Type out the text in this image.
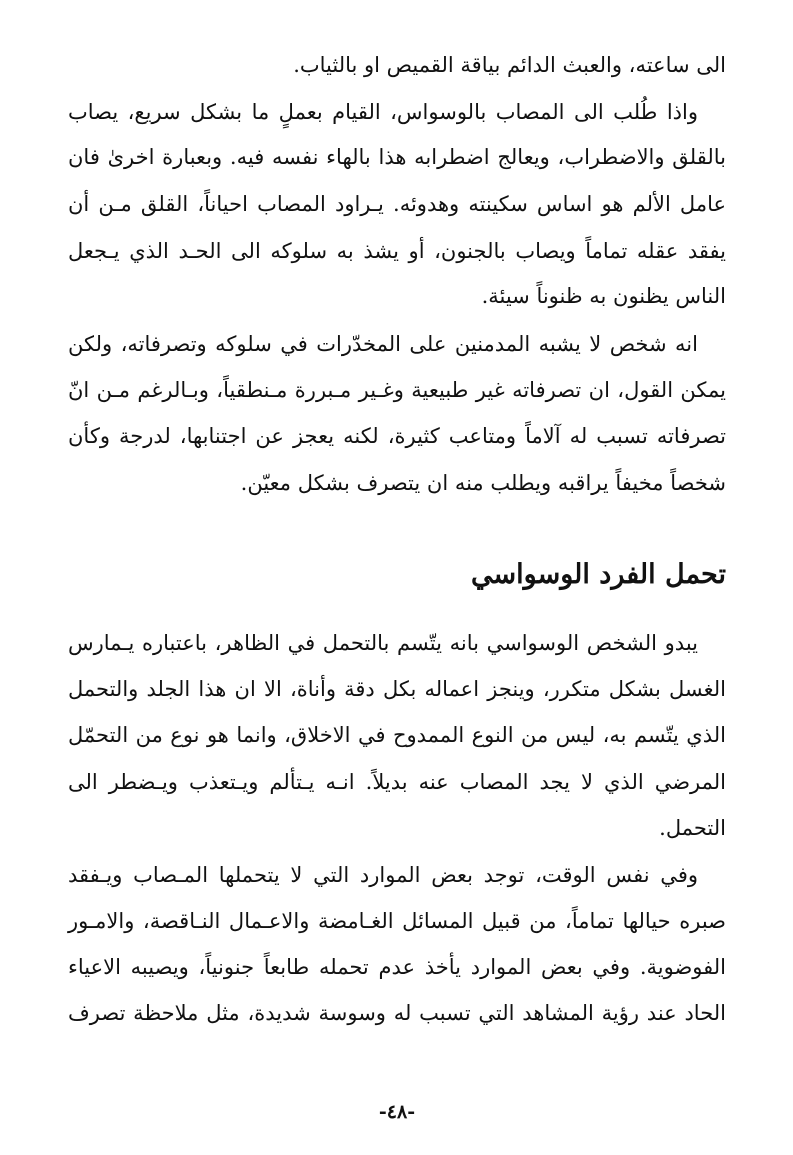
الى ساعته، والعبث الدائم بياقة القميص او بالثياب.
واذا طُلب الى المصاب بالوسواس، القيام بعملٍ ما بشكل سريع، يصاب
بالقلق والاضطراب، ويعالج اضطرابه هذا بالهاء نفسه فيه. وبعبارة اخرىٰ فان
عامل الألم هو اساس سكينته وهدوئه. يـراود المصاب احياناً، القلق مـن أن
يفقد عقله تماماً ويصاب بالجنون، أو يشذ به سلوكه الى الحـد الذي يـجعل
الناس يظنون به ظنوناً سيئة.
انه شخص لا يشبه المدمنين على المخدّرات في سلوكه وتصرفاته، ولكن
يمكن القول، ان تصرفاته غير طبيعية وغـير مـبررة مـنطقياً، وبـالرغم مـن انّ
تصرفاته تسبب له آلاماً ومتاعب كثيرة، لكنه يعجز عن اجتنابها، لدرجة وكأن
شخصاً مخيفاً يراقبه ويطلب منه ان يتصرف بشكل معيّن.
تحمل الفرد الوسواسي
يبدو الشخص الوسواسي بانه يتّسم بالتحمل في الظاهر، باعتباره يـمارس
الغسل بشكل متكرر، وينجز اعماله بكل دقة وأناة، الا ان هذا الجلد والتحمل
الذي يتّسم به، ليس من النوع الممدوح في الاخلاق، وانما هو نوع من التحمّل
المرضي الذي لا يجد المصاب عنه بديلاً. انـه يـتألم ويـتعذب ويـضطر الى
التحمل.
وفي نفس الوقت، توجد بعض الموارد التي لا يتحملها المـصاب ويـفقد
صبره حيالها تماماً، من قبيل المسائل الغـامضة والاعـمال النـاقصة، والامـور
الفوضوية. وفي بعض الموارد يأخذ عدم تحمله طابعاً جنونياً، ويصيبه الاعياء
الحاد عند رؤية المشاهد التي تسبب له وسوسة شديدة، مثل ملاحظة تصرف
-٤٨-
